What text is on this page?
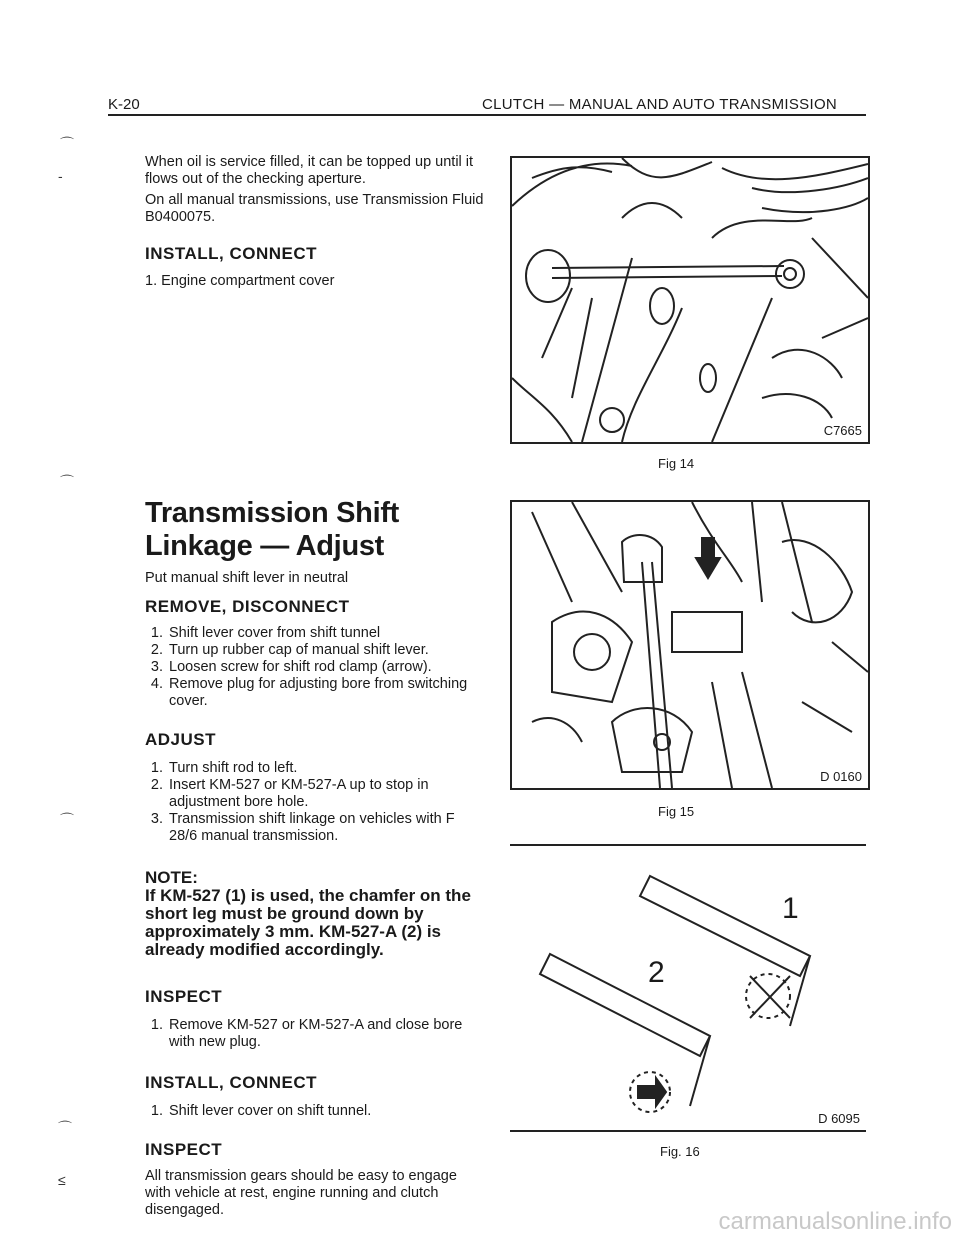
K-20	CLUTCH — MANUAL AND AUTO TRANSMISSION
⌒
-
⌒
⌒
⌒
≤

When oil is service filled, it can be topped up until it flows out of the checking aperture.

On all manual transmissions, use Transmission Fluid B0400075.

INSTALL, CONNECT

1. Engine compartment cover

Transmission Shift

Linkage — Adjust

Put manual shift lever in neutral

REMOVE, DISCONNECT

1. Shift lever cover from shift tunnel
2. Turn up rubber cap of manual shift lever.
3. Loosen screw for shift rod clamp (arrow).
4. Remove plug for adjusting bore from switching cover.

ADJUST

1. Turn shift rod to left.
2. Insert KM-527 or KM-527-A up to stop in adjustment bore hole.
3. Transmission shift linkage on vehicles with F 28/6 manual transmission.

NOTE:

If KM-527 (1) is used, the chamfer on the short leg must be ground down by approximately 3 mm. KM-527-A (2) is already modified accordingly.

INSPECT

1. Remove KM-527 or KM-527-A and close bore with new plug.

INSTALL, CONNECT

1. Shift lever cover on shift tunnel.

INSPECT

All transmission gears should be easy to engage with vehicle at rest, engine running and clutch disengaged.

C7665
Fig 14
D 0160
Fig 15
1
2
D 6095
Fig. 16
carmanualsonline.info
